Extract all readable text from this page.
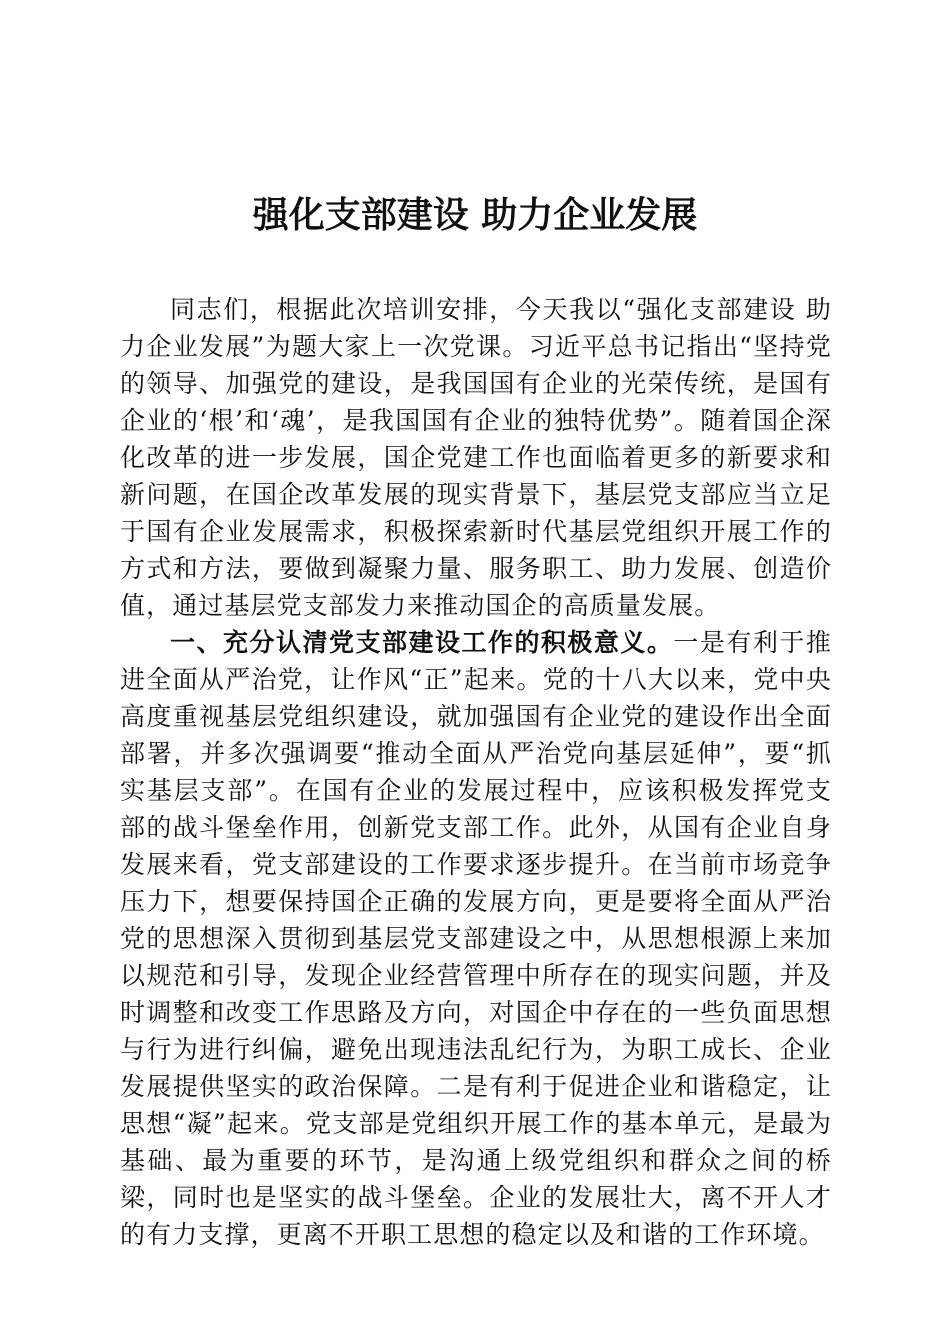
强化支部建设 助力企业发展

同志们，根据此次培训安排，今天我以“强化支部建设 助力企业发展”为题大家上一次党课。习近平总书记指出“坚持党的领导、加强党的建设，是我国国有企业的光荣传统，是国有企业的‘根’和‘魂’，是我国国有企业的独特优势”。随着国企深化改革的进一步发展，国企党建工作也面临着更多的新要求和新问题，在国企改革发展的现实背景下，基层党支部应当立足于国有企业发展需求，积极探索新时代基层党组织开展工作的方式和方法，要做到凝聚力量、服务职工、助力发展、创造价值，通过基层党支部发力来推动国企的高质量发展。

一、充分认清党支部建设工作的积极意义。一是有利于推进全面从严治党，让作风“正”起来。党的十八大以来，党中央高度重视基层党组织建设，就加强国有企业党的建设作出全面部署，并多次强调要“推动全面从严治党向基层延伸”，要“抓实基层支部”。在国有企业的发展过程中，应该积极发挥党支部的战斗堡垒作用，创新党支部工作。此外，从国有企业自身发展来看，党支部建设的工作要求逐步提升。在当前市场竞争压力下，想要保持国企正确的发展方向，更是要将全面从严治党的思想深入贯彻到基层党支部建设之中，从思想根源上来加以规范和引导，发现企业经营管理中所存在的现实问题，并及时调整和改变工作思路及方向，对国企中存在的一些负面思想与行为进行纠偏，避免出现违法乱纪行为，为职工成长、企业发展提供坚实的政治保障。二是有利于促进企业和谐稳定，让思想“凝”起来。党支部是党组织开展工作的基本单元，是最为基础、最为重要的环节，是沟通上级党组织和群众之间的桥梁，同时也是坚实的战斗堡垒。企业的发展壮大，离不开人才的有力支撑，更离不开职工思想的稳定以及和谐的工作环境。
